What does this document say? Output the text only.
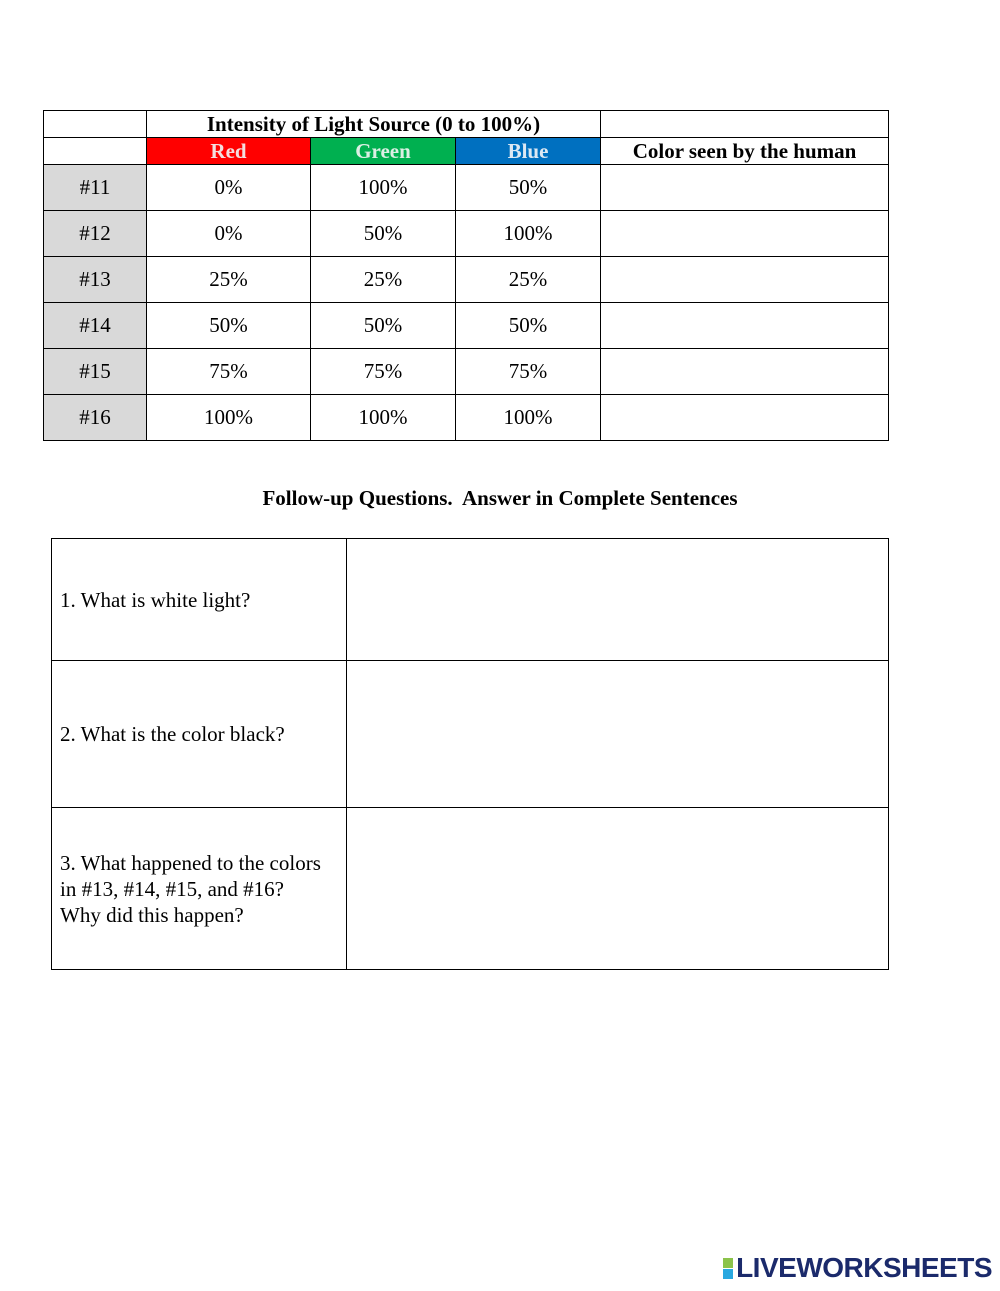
	Intensity of Light Source (0 to 100%)			
	Red	Green	Blue	Color seen by the human
#11	0%	100%	50%	
#12	0%	50%	100%	
#13	25%	25%	25%	
#14	50%	50%	50%	
#15	75%	75%	75%	
#16	100%	100%	100%	
Follow-up Questions.  Answer in Complete Sentences
1. What is white light?	
2. What is the color black?	
3. What happened to the colors in #13, #14, #15, and #16?
Why did this happen?	
LIVEWORKSHEETS
